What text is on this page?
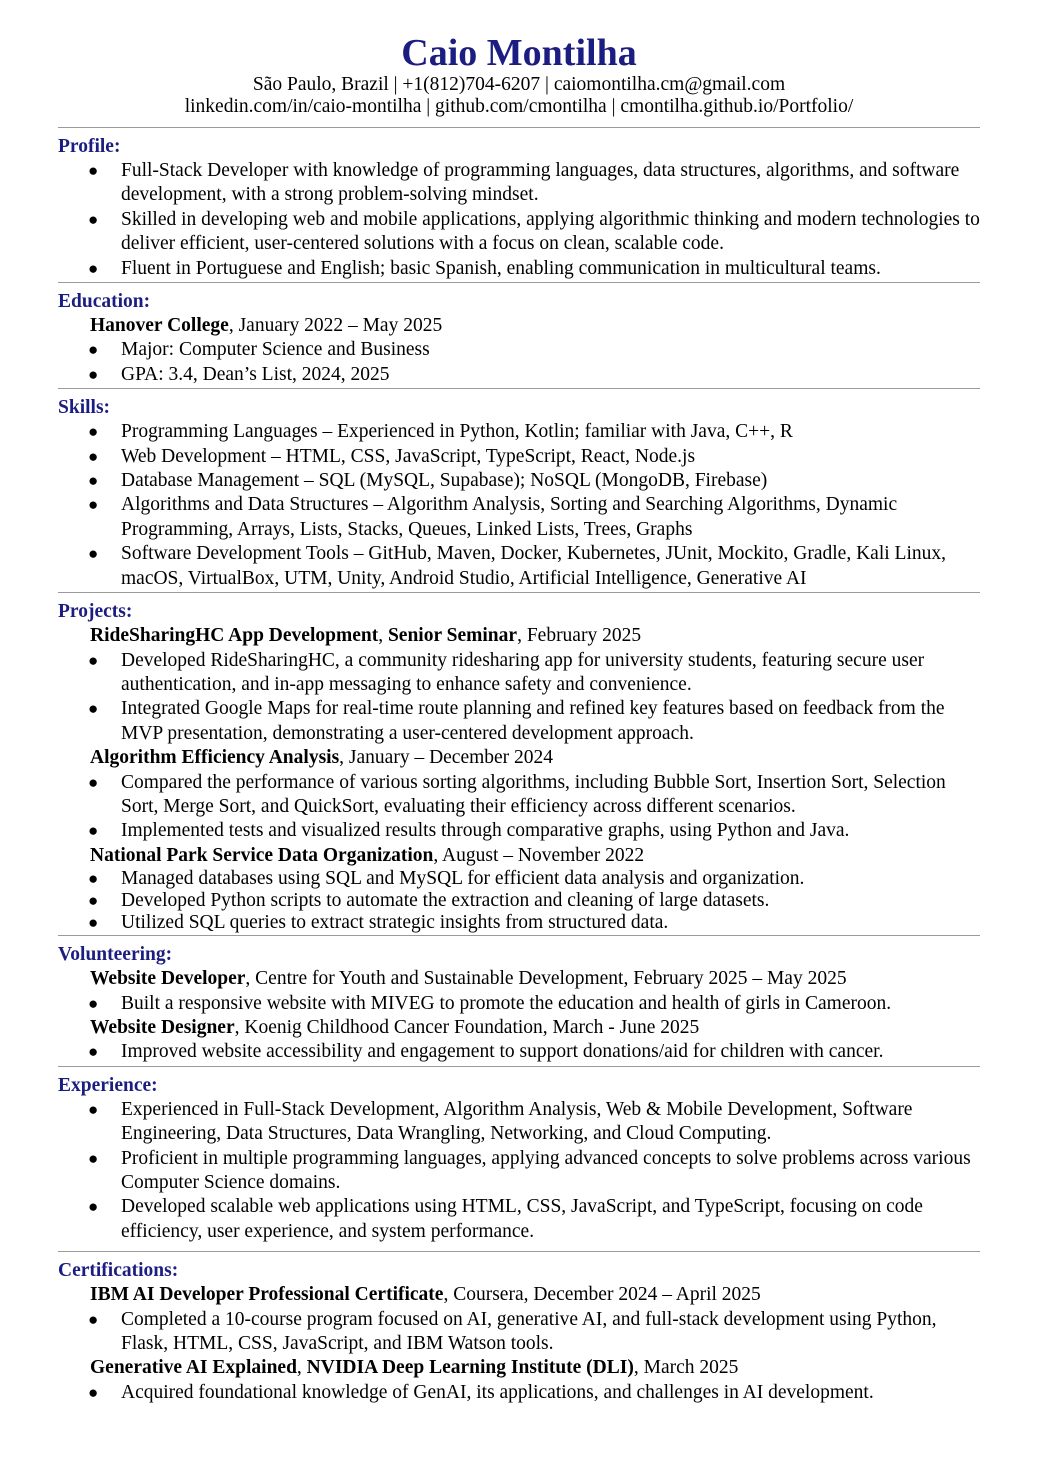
Caio Montilha
São Paulo, Brazil | +1(812)704-6207 | caiomontilha.cm@gmail.com
linkedin.com/in/caio-montilha | github.com/cmontilha | cmontilha.github.io/Portfolio/
Profile:
● Full-Stack Developer with knowledge of programming languages, data structures, algorithms, and software development, with a strong problem-solving mindset.
● Skilled in developing web and mobile applications, applying algorithmic thinking and modern technologies to deliver efficient, user-centered solutions with a focus on clean, scalable code.
● Fluent in Portuguese and English; basic Spanish, enabling communication in multicultural teams.
Education:
Hanover College, January 2022 – May 2025
● Major: Computer Science and Business
● GPA: 3.4, Dean’s List, 2024, 2025
Skills:
● Programming Languages – Experienced in Python, Kotlin; familiar with Java, C++, R
● Web Development – HTML, CSS, JavaScript, TypeScript, React, Node.js
● Database Management – SQL (MySQL, Supabase); NoSQL (MongoDB, Firebase)
● Algorithms and Data Structures – Algorithm Analysis, Sorting and Searching Algorithms, Dynamic Programming, Arrays, Lists, Stacks, Queues, Linked Lists, Trees, Graphs
● Software Development Tools – GitHub, Maven, Docker, Kubernetes, JUnit, Mockito, Gradle, Kali Linux, macOS, VirtualBox, UTM, Unity, Android Studio, Artificial Intelligence, Generative AI
Projects:
RideSharingHC App Development, Senior Seminar, February 2025
● Developed RideSharingHC, a community ridesharing app for university students, featuring secure user authentication, and in-app messaging to enhance safety and convenience.
● Integrated Google Maps for real-time route planning and refined key features based on feedback from the MVP presentation, demonstrating a user-centered development approach.
Algorithm Efficiency Analysis, January – December 2024
● Compared the performance of various sorting algorithms, including Bubble Sort, Insertion Sort, Selection Sort, Merge Sort, and QuickSort, evaluating their efficiency across different scenarios.
● Implemented tests and visualized results through comparative graphs, using Python and Java.
National Park Service Data Organization, August – November 2022
● Managed databases using SQL and MySQL for efficient data analysis and organization.
● Developed Python scripts to automate the extraction and cleaning of large datasets.
● Utilized SQL queries to extract strategic insights from structured data.
Volunteering:
Website Developer, Centre for Youth and Sustainable Development, February 2025 – May 2025
● Built a responsive website with MIVEG to promote the education and health of girls in Cameroon.
Website Designer, Koenig Childhood Cancer Foundation, March - June 2025
● Improved website accessibility and engagement to support donations/aid for children with cancer.
Experience:
● Experienced in Full-Stack Development, Algorithm Analysis, Web & Mobile Development, Software Engineering, Data Structures, Data Wrangling, Networking, and Cloud Computing.
● Proficient in multiple programming languages, applying advanced concepts to solve problems across various Computer Science domains.
● Developed scalable web applications using HTML, CSS, JavaScript, and TypeScript, focusing on code efficiency, user experience, and system performance.
Certifications:
IBM AI Developer Professional Certificate, Coursera, December 2024 – April 2025
● Completed a 10-course program focused on AI, generative AI, and full-stack development using Python, Flask, HTML, CSS, JavaScript, and IBM Watson tools.
Generative AI Explained, NVIDIA Deep Learning Institute (DLI), March 2025
● Acquired foundational knowledge of GenAI, its applications, and challenges in AI development.
